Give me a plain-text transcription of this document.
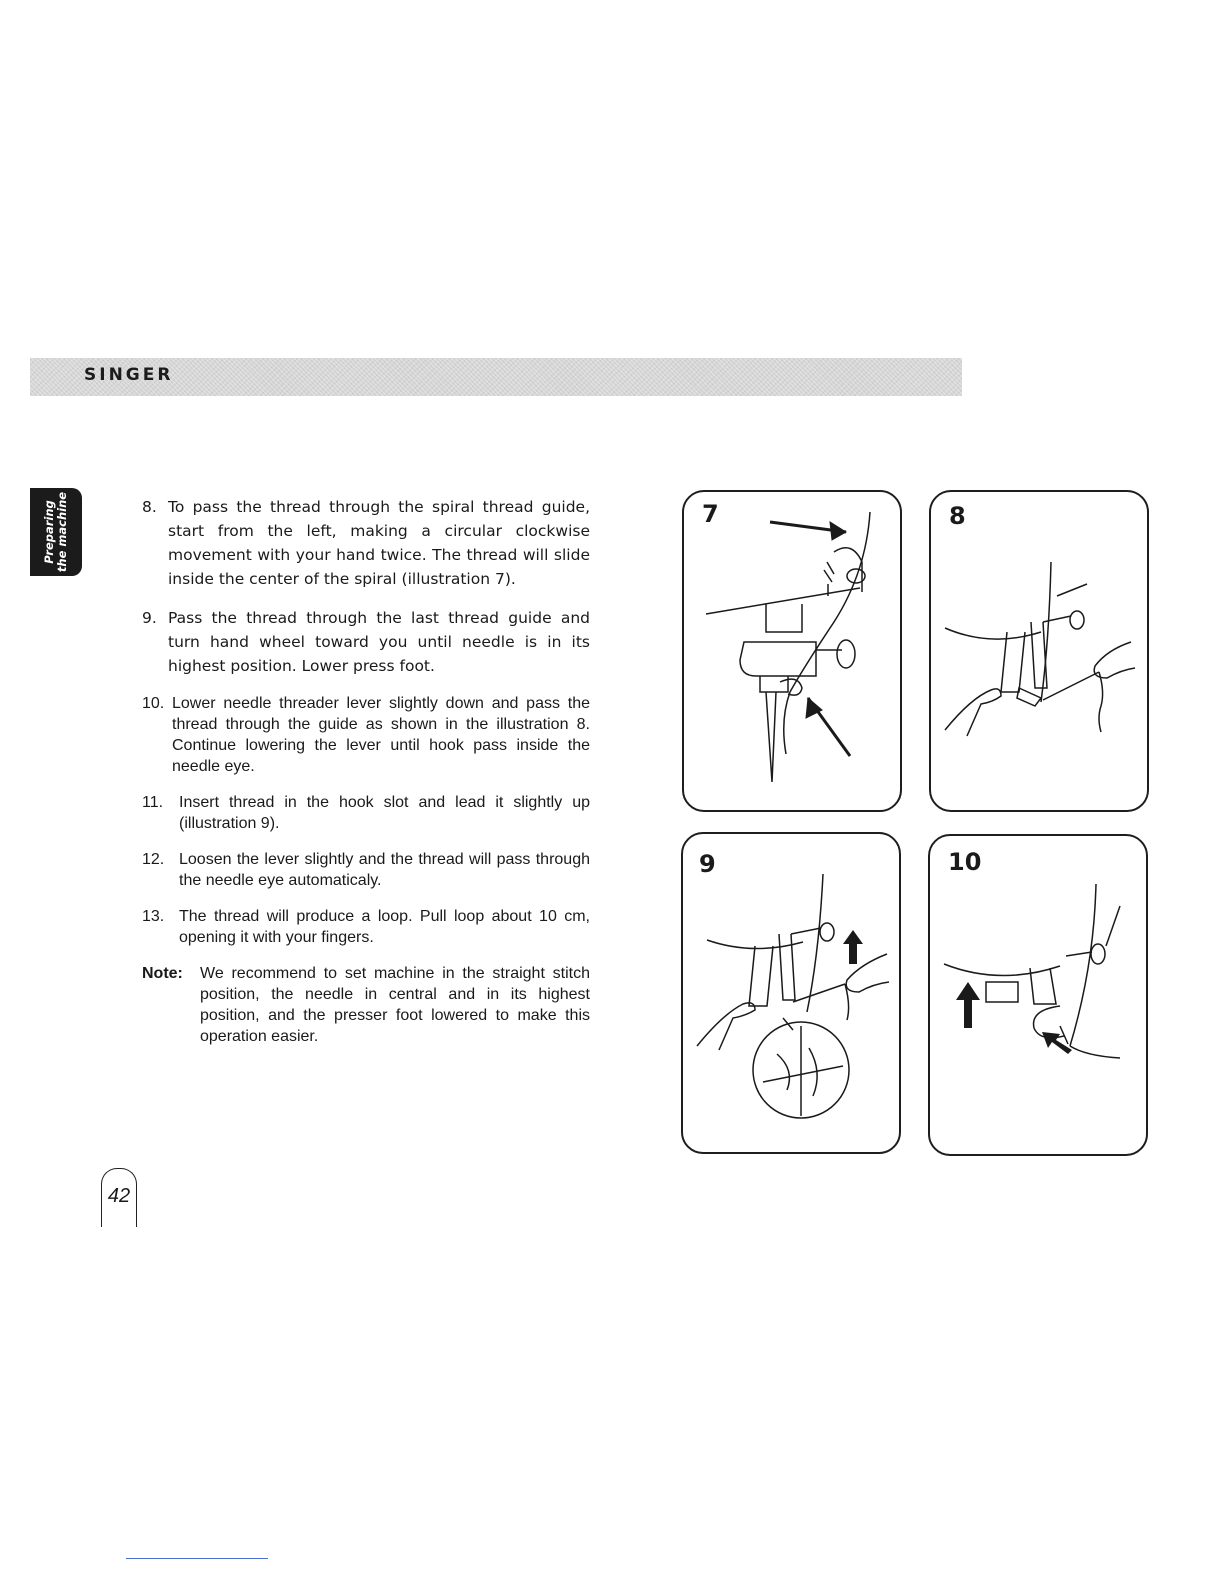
SINGER
Preparing the machine	8. To pass the thread through the spiral thread guide, start from the left, making a circular clockwise movement with your hand twice. The thread will slide inside the center of the spiral (illustration 7).
9. Pass the thread through the last thread guide and turn hand wheel toward you until needle is in its highest position. Lower press foot.
10. Lower needle threader lever slightly down and pass the thread through the guide as shown in the illustration 8. Continue lowering the lever until hook pass inside the needle eye.
11. Insert thread in the hook slot and lead it slightly up (illustration 9).
12. Loosen the lever slightly and the thread will pass through the needle eye automaticaly.
13. The thread will produce a loop. Pull loop about 10 cm, opening it with your fingers.
Note:	We recommend to set machine in the straight stitch position, the needle in central and in its highest position, and the presser foot lowered to make this operation easier.
7	8
9	10
42
